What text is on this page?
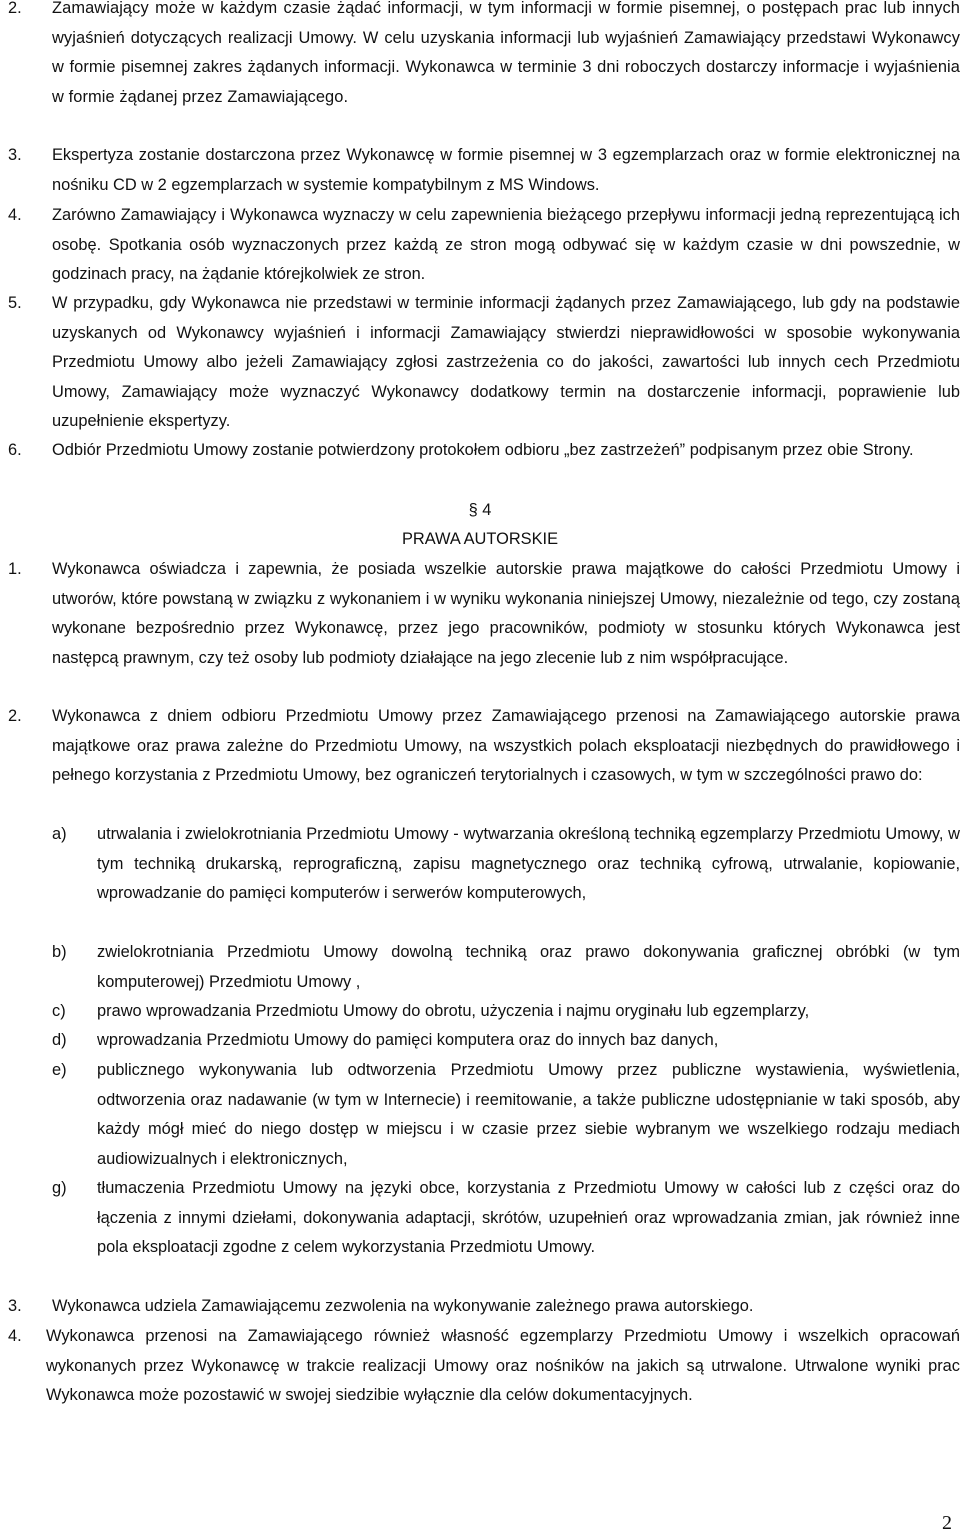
2. Zamawiający może w każdym czasie żądać informacji, w tym informacji w formie pisemnej, o postępach prac lub innych wyjaśnień dotyczących realizacji Umowy. W celu uzyskania informacji lub wyjaśnień Zamawiający przedstawi Wykonawcy w formie pisemnej zakres żądanych informacji. Wykonawca w terminie 3 dni roboczych dostarczy informacje i wyjaśnienia w formie żądanej przez Zamawiającego.
3. Ekspertyza zostanie dostarczona przez Wykonawcę w formie pisemnej w 3 egzemplarzach oraz w formie elektronicznej na nośniku CD w 2 egzemplarzach w systemie kompatybilnym z MS Windows.
4. Zarówno Zamawiający i Wykonawca wyznaczy w celu zapewnienia bieżącego przepływu informacji jedną reprezentującą ich osobę. Spotkania osób wyznaczonych przez każdą ze stron mogą odbywać się w każdym czasie w dni powszednie, w godzinach pracy, na żądanie którejkolwiek ze stron.
5. W przypadku, gdy Wykonawca nie przedstawi w terminie informacji żądanych przez Zamawiającego, lub gdy na podstawie uzyskanych od Wykonawcy wyjaśnień i informacji Zamawiający stwierdzi nieprawidłowości w sposobie wykonywania Przedmiotu Umowy albo jeżeli Zamawiający zgłosi zastrzeżenia co do jakości, zawartości lub innych cech Przedmiotu Umowy, Zamawiający może wyznaczyć Wykonawcy dodatkowy termin na dostarczenie informacji, poprawienie lub uzupełnienie ekspertyzy.
6. Odbiór Przedmiotu Umowy zostanie potwierdzony protokołem odbioru „bez zastrzeżeń” podpisanym przez obie Strony.
§ 4
PRAWA AUTORSKIE
1. Wykonawca oświadcza i zapewnia, że posiada wszelkie autorskie prawa majątkowe do całości Przedmiotu Umowy i utworów, które powstaną w związku z wykonaniem i w wyniku wykonania niniejszej Umowy, niezależnie od tego, czy zostaną wykonane bezpośrednio przez Wykonawcę, przez jego pracowników, podmioty w stosunku których Wykonawca jest następcą prawnym, czy też osoby lub podmioty działające na jego zlecenie lub z nim współpracujące.
2. Wykonawca z dniem odbioru Przedmiotu Umowy przez Zamawiającego przenosi na Zamawiającego autorskie prawa majątkowe oraz prawa zależne do Przedmiotu Umowy, na wszystkich polach eksploatacji niezbędnych do prawidłowego i pełnego korzystania z Przedmiotu Umowy, bez ograniczeń terytorialnych i czasowych, w tym w szczególności prawo do:
a) utrwalania i zwielokrotniania Przedmiotu Umowy - wytwarzania określoną techniką egzemplarzy Przedmiotu Umowy, w tym techniką drukarską, reprograficzną, zapisu magnetycznego oraz techniką cyfrową, utrwalanie, kopiowanie, wprowadzanie do pamięci komputerów i serwerów komputerowych,
b) zwielokrotniania Przedmiotu Umowy dowolną techniką oraz prawo dokonywania graficznej obróbki (w tym komputerowej) Przedmiotu Umowy ,
c) prawo wprowadzania Przedmiotu Umowy do obrotu, użyczenia i najmu oryginału lub egzemplarzy,
d) wprowadzania Przedmiotu Umowy do pamięci komputera oraz do innych baz danych,
e) publicznego wykonywania lub odtworzenia Przedmiotu Umowy przez publiczne wystawienia, wyświetlenia, odtworzenia oraz nadawanie (w tym w Internecie) i reemitowanie, a także publiczne udostępnianie w taki sposób, aby każdy mógł mieć do niego dostęp w miejscu i w czasie przez siebie wybranym we wszelkiego rodzaju mediach audiowizualnych i elektronicznych,
g) tłumaczenia Przedmiotu Umowy na języki obce, korzystania z Przedmiotu Umowy w całości lub z części oraz do łączenia z innymi dziełami, dokonywania adaptacji, skrótów, uzupełnień oraz wprowadzania zmian, jak również inne pola eksploatacji zgodne z celem wykorzystania Przedmiotu Umowy.
3. Wykonawca udziela Zamawiającemu zezwolenia na wykonywanie zależnego prawa autorskiego.
4. Wykonawca przenosi na Zamawiającego również własność egzemplarzy Przedmiotu Umowy i wszelkich opracowań wykonanych przez Wykonawcę w trakcie realizacji Umowy oraz nośników na jakich są utrwalone. Utrwalone wyniki prac Wykonawca może pozostawić w swojej siedzibie wyłącznie dla celów dokumentacyjnych.
2
